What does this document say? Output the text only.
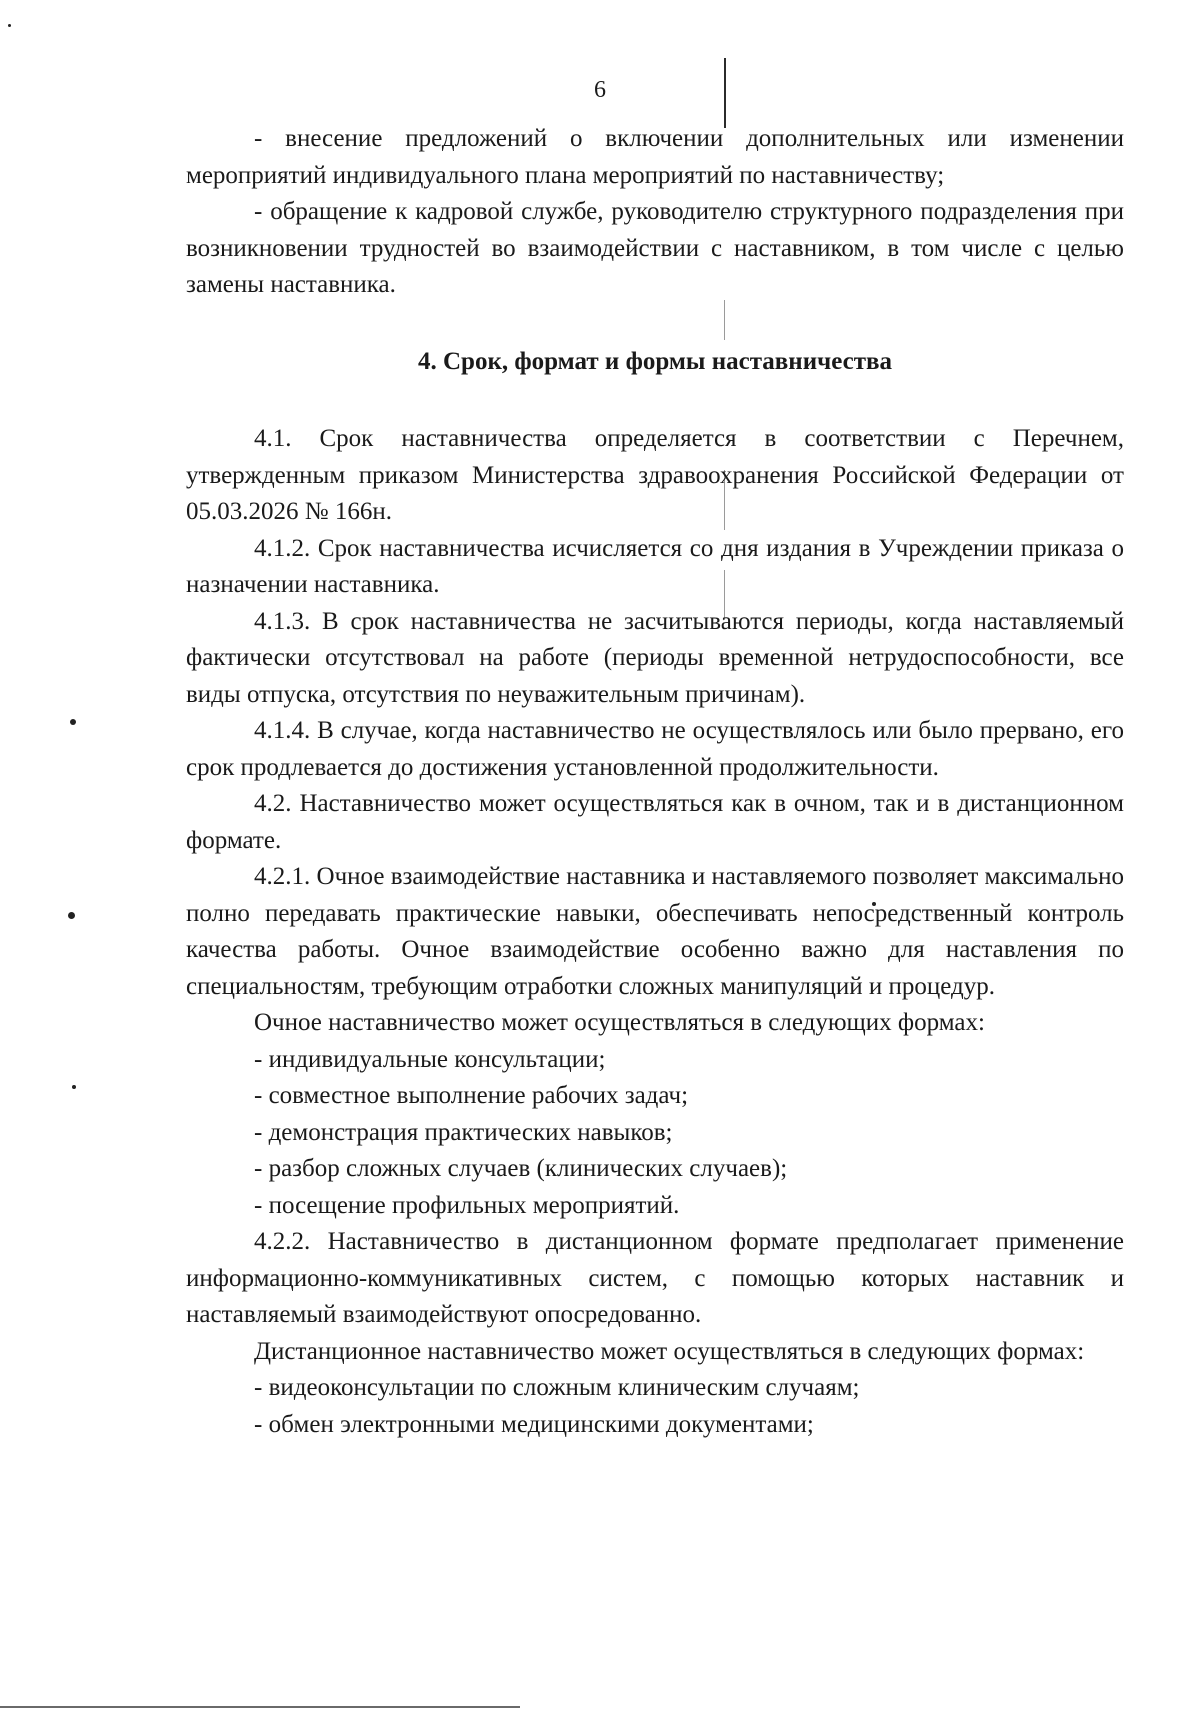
6

- внесение предложений о включении дополнительных или изменении мероприятий индивидуального плана мероприятий по наставничеству;

- обращение к кадровой службе, руководителю структурного подразделения при возникновении трудностей во взаимодействии с наставником, в том числе с целью замены наставника.

4. Срок, формат и формы наставничества

4.1. Срок наставничества определяется в соответствии с Перечнем, утвержденным приказом Министерства здравоохранения Российской Федерации от 05.03.2026 № 166н.

4.1.2. Срок наставничества исчисляется со дня издания в Учреждении приказа о назначении наставника.

4.1.3. В срок наставничества не засчитываются периоды, когда наставляемый фактически отсутствовал на работе (периоды временной нетрудоспособности, все виды отпуска, отсутствия по неуважительным причинам).

4.1.4. В случае, когда наставничество не осуществлялось или было прервано, его срок продлевается до достижения установленной продолжительности.

4.2. Наставничество может осуществляться как в очном, так и в дистанционном формате.

4.2.1. Очное взаимодействие наставника и наставляемого позволяет максимально полно передавать практические навыки, обеспечивать непосредственный контроль качества работы. Очное взаимодействие особенно важно для наставления по специальностям, требующим отработки сложных манипуляций и процедур.

Очное наставничество может осуществляться в следующих формах:

- индивидуальные консультации;

- совместное выполнение рабочих задач;

- демонстрация практических навыков;

- разбор сложных случаев (клинических случаев);

- посещение профильных мероприятий.

4.2.2. Наставничество в дистанционном формате предполагает применение информационно-коммуникативных систем, с помощью которых наставник и наставляемый взаимодействуют опосредованно.

Дистанционное наставничество может осуществляться в следующих формах:

- видеоконсультации по сложным клиническим случаям;

- обмен электронными медицинскими документами;
